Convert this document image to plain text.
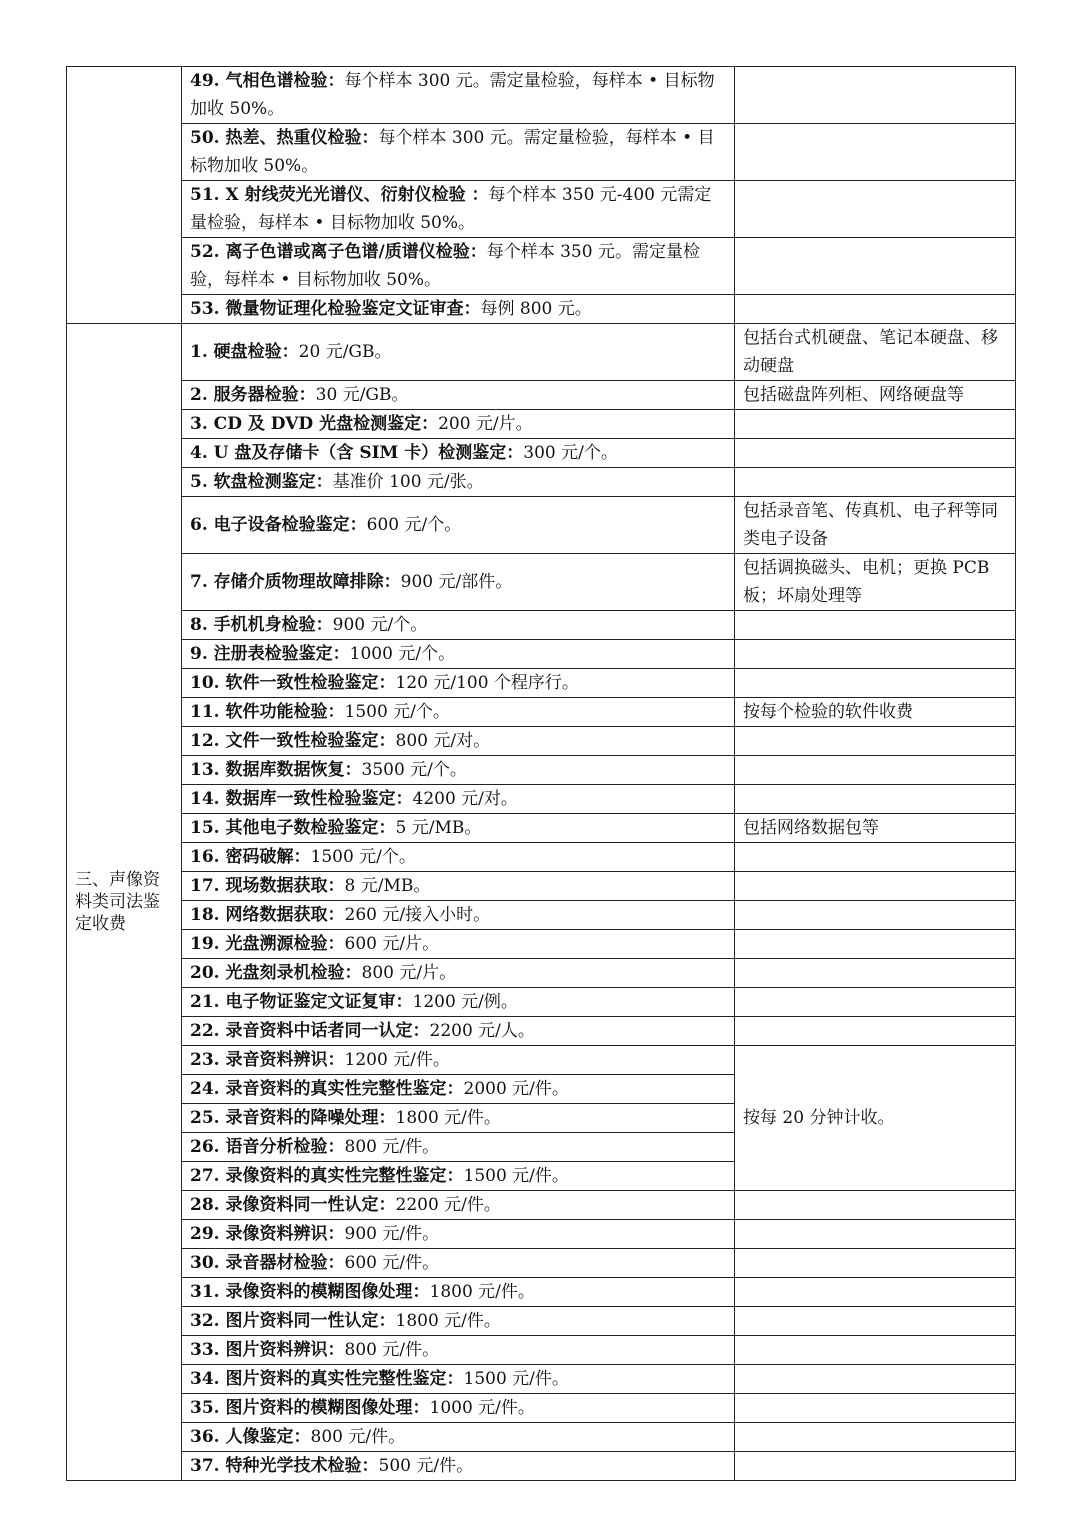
	49. 气相色谱检验：每个样本 300 元。需定量检验，每样本 • 目标物加收 50%。	
	50. 热差、热重仪检验：每个样本 300 元。需定量检验，每样本 • 目标物加收 50%。	
	51. X 射线荧光光谱仪、衍射仪检验 ：每个样本 350 元-400 元需定量检验，每样本 • 目标物加收 50%。	
	52. 离子色谱或离子色谱/质谱仪检验：每个样本 350 元。需定量检验，每样本 • 目标物加收 50%。	
	53. 微量物证理化检验鉴定文证审查：每例 800 元。	
三、声像资料类司法鉴定收费	1. 硬盘检验：20 元/GB。	包括台式机硬盘、笔记本硬盘、移动硬盘
	2. 服务器检验：30 元/GB。	包括磁盘阵列柜、网络硬盘等
	3. CD 及 DVD 光盘检测鉴定：200 元/片。	
	4. U 盘及存储卡（含 SIM 卡）检测鉴定：300 元/个。	
	5. 软盘检测鉴定：基准价 100 元/张。	
	6. 电子设备检验鉴定：600 元/个。	包括录音笔、传真机、电子秤等同类电子设备
	7. 存储介质物理故障排除：900 元/部件。	包括调换磁头、电机；更换 PCB 板；坏扇处理等
	8. 手机机身检验：900 元/个。	
	9. 注册表检验鉴定：1000 元/个。	
	10. 软件一致性检验鉴定：120 元/100 个程序行。	
	11. 软件功能检验：1500 元/个。	按每个检验的软件收费
	12. 文件一致性检验鉴定：800 元/对。	
	13. 数据库数据恢复：3500 元/个。	
	14. 数据库一致性检验鉴定：4200 元/对。	
	15. 其他电子数检验鉴定：5 元/MB。	包括网络数据包等
	16. 密码破解：1500 元/个。	
	17. 现场数据获取：8 元/MB。	
	18. 网络数据获取：260 元/接入小时。	
	19. 光盘溯源检验：600 元/片。	
	20. 光盘刻录机检验：800 元/片。	
	21. 电子物证鉴定文证复审：1200 元/例。	
	22. 录音资料中话者同一认定：2200 元/人。	
	23. 录音资料辨识：1200 元/件。	按每 20 分钟计收。
	24. 录音资料的真实性完整性鉴定：2000 元/件。	
	25. 录音资料的降噪处理：1800 元/件。	
	26. 语音分析检验：800 元/件。	
	27. 录像资料的真实性完整性鉴定：1500 元/件。	
	28. 录像资料同一性认定：2200 元/件。	
	29. 录像资料辨识：900 元/件。	
	30. 录音器材检验：600 元/件。	
	31. 录像资料的模糊图像处理：1800 元/件。	
	32. 图片资料同一性认定：1800 元/件。	
	33. 图片资料辨识：800 元/件。	
	34. 图片资料的真实性完整性鉴定：1500 元/件。	
	35. 图片资料的模糊图像处理：1000 元/件。	
	36. 人像鉴定：800 元/件。	
	37. 特种光学技术检验：500 元/件。	
